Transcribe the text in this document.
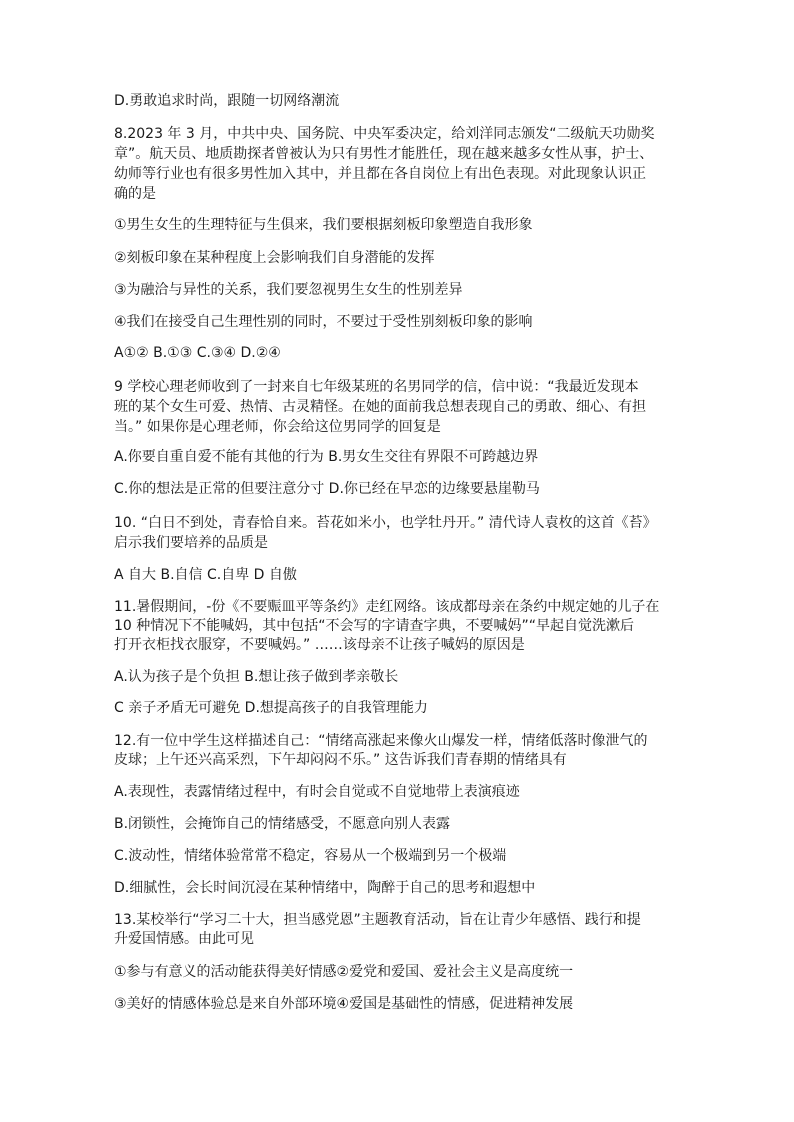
D.勇敢追求时尚，跟随一切网络潮流
8.2023 年 3 月，中共中央、国务院、中央军委决定，给刘洋同志颁发“二级航天功勋奖
章”。航天员、地质勘探者曾被认为只有男性才能胜任，现在越来越多女性从事，护士、
幼师等行业也有很多男性加入其中，并且都在各自岗位上有出色表现。对此现象认识正
确的是
①男生女生的生理特征与生俱来，我们要根据刻板印象塑造自我形象
②刻板印象在某种程度上会影响我们自身潜能的发挥
③为融洽与异性的关系，我们要忽视男生女生的性别差异
④我们在接受自己生理性别的同时，不要过于受性别刻板印象的影响
A①② B.①③ C.③④ D.②④
9 学校心理老师收到了一封来自七年级某班的名男同学的信，信中说：“我最近发现本
班的某个女生可爱、热情、古灵精怪。在她的面前我总想表现自己的勇敢、细心、有担
当。” 如果你是心理老师，你会给这位男同学的回复是
A.你要自重自爱不能有其他的行为 B.男女生交往有界限不可跨越边界
C.你的想法是正常的但要注意分寸 D.你已经在早恋的边缘要悬崖勒马
10. “白日不到处，青春恰自来。苔花如米小，也学牡丹开。” 清代诗人袁枚的这首《苔》
启示我们要培养的品质是
A 自大 B.自信 C.自卑 D 自傲
11.暑假期间，-份《不要赈皿平等条约》走红网络。该成都母亲在条约中规定她的儿子在
10 种情况下不能喊妈，其中包括“不会写的字请查字典，不要喊妈”“早起自觉洗漱后
打开衣柜找衣服穿，不要喊妈。” ……该母亲不让孩子喊妈的原因是
A.认为孩子是个负担 B.想让孩子做到孝亲敬长
C 亲子矛盾无可避免 D.想提高孩子的自我管理能力
12.有一位中学生这样描述自己：“情绪高涨起来像火山爆发一样，情绪低落时像泄气的
皮球；上午还兴高采烈，下午却闷闷不乐。” 这告诉我们青春期的情绪具有
A.表现性，表露情绪过程中，有时会自觉或不自觉地带上表演痕迹
B.闭锁性，会掩饰自己的情绪感受，不愿意向别人表露
C.波动性，情绪体验常常不稳定，容易从一个极端到另一个极端
D.细腻性，会长时间沉浸在某种情绪中，陶醉于自己的思考和遐想中
13.某校举行“学习二十大，担当感党恩”主题教育活动，旨在让青少年感悟、践行和提
升爱国情感。由此可见
①参与有意义的活动能获得美好情感②爱党和爱国、爱社会主义是高度统一
③美好的情感体验总是来自外部环境④爱国是基础性的情感，促进精神发展
